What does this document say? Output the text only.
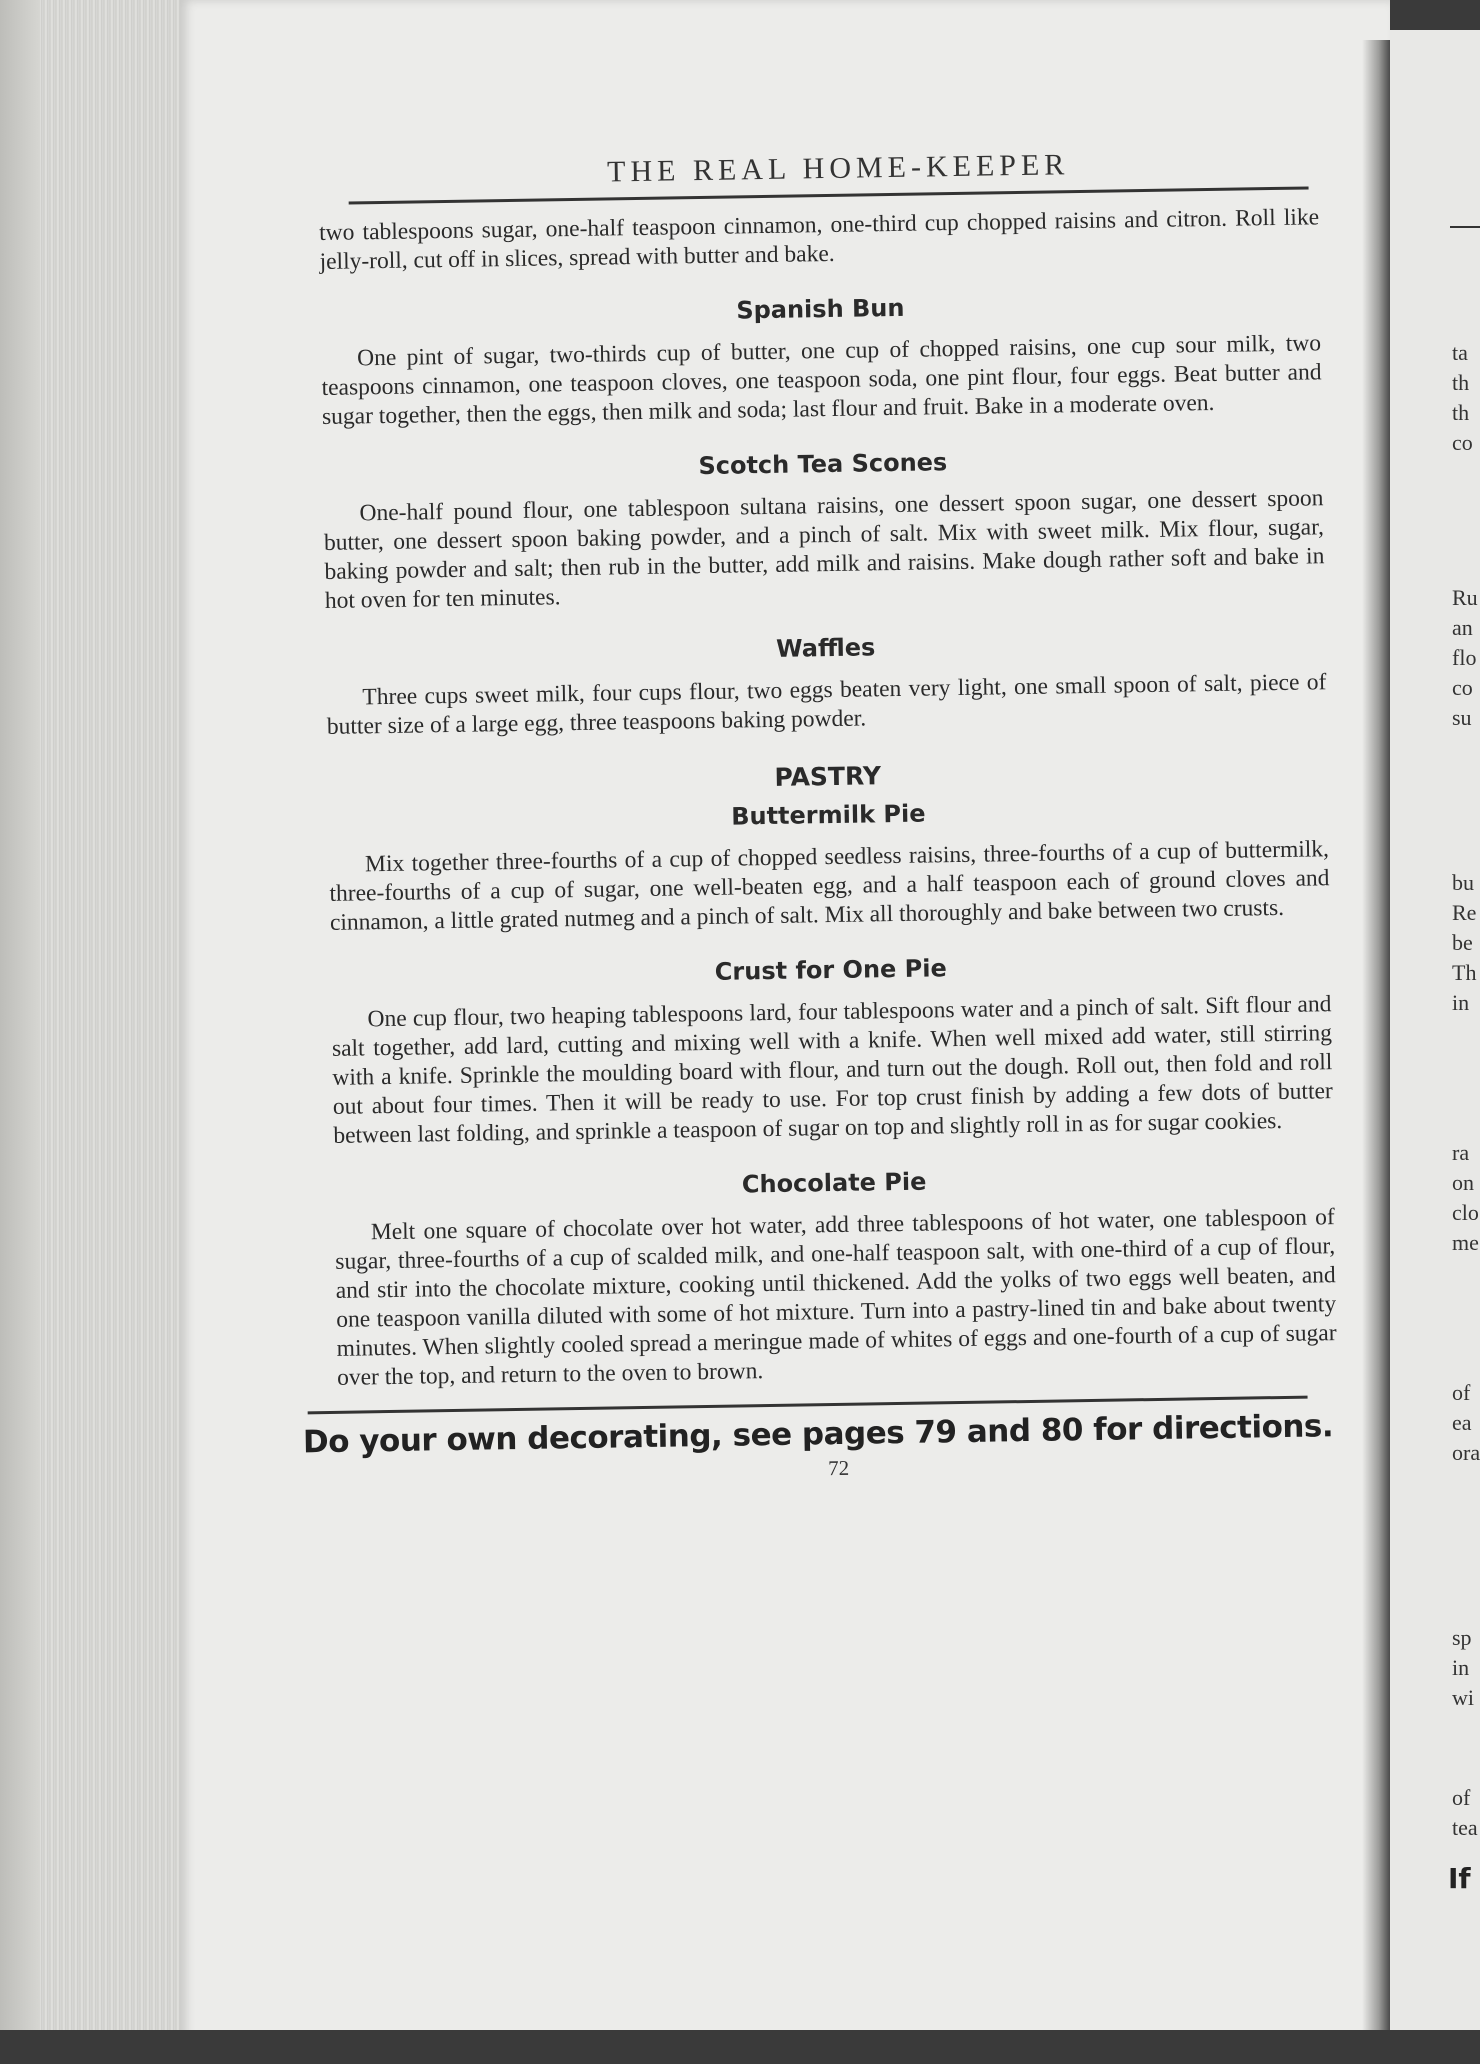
THE REAL HOME-KEEPER

two tablespoons sugar, one-half teaspoon cinnamon, one-third cup chopped raisins and citron. Roll like jelly-roll, cut off in slices, spread with butter and bake.

Spanish Bun

One pint of sugar, two-thirds cup of butter, one cup of chopped raisins, one cup sour milk, two teaspoons cinnamon, one teaspoon cloves, one teaspoon soda, one pint flour, four eggs. Beat butter and sugar together, then the eggs, then milk and soda; last flour and fruit. Bake in a moderate oven.

Scotch Tea Scones

One-half pound flour, one tablespoon sultana raisins, one dessert spoon sugar, one dessert spoon butter, one dessert spoon baking powder, and a pinch of salt. Mix with sweet milk. Mix flour, sugar, baking powder and salt; then rub in the butter, add milk and raisins. Make dough rather soft and bake in hot oven for ten minutes.

Waffles

Three cups sweet milk, four cups flour, two eggs beaten very light, one small spoon of salt, piece of butter size of a large egg, three teaspoons baking powder.

PASTRY
Buttermilk Pie

Mix together three-fourths of a cup of chopped seedless raisins, three-fourths of a cup of buttermilk, three-fourths of a cup of sugar, one well-beaten egg, and a half teaspoon each of ground cloves and cinnamon, a little grated nutmeg and a pinch of salt. Mix all thoroughly and bake between two crusts.

Crust for One Pie

One cup flour, two heaping tablespoons lard, four tablespoons water and a pinch of salt. Sift flour and salt together, add lard, cutting and mixing well with a knife. When well mixed add water, still stirring with a knife. Sprinkle the moulding board with flour, and turn out the dough. Roll out, then fold and roll out about four times. Then it will be ready to use. For top crust finish by adding a few dots of butter between last folding, and sprinkle a teaspoon of sugar on top and slightly roll in as for sugar cookies.

Chocolate Pie

Melt one square of chocolate over hot water, add three tablespoons of hot water, one tablespoon of sugar, three-fourths of a cup of scalded milk, and one-half teaspoon salt, with one-third of a cup of flour, and stir into the chocolate mixture, cooking until thickened. Add the yolks of two eggs well beaten, and one teaspoon vanilla diluted with some of hot mixture. Turn into a pastry-lined tin and bake about twenty minutes. When slightly cooled spread a meringue made of whites of eggs and one-fourth of a cup of sugar over the top, and return to the oven to brown.

Do your own decorating, see pages 79 and 80 for directions.
72
ta
th
th
co
Ru
an
flo
co
su
bu
Re
be
Th
in
ra
on
clo
me
of
ea
ora
sp
in
wi
of
tea
If
